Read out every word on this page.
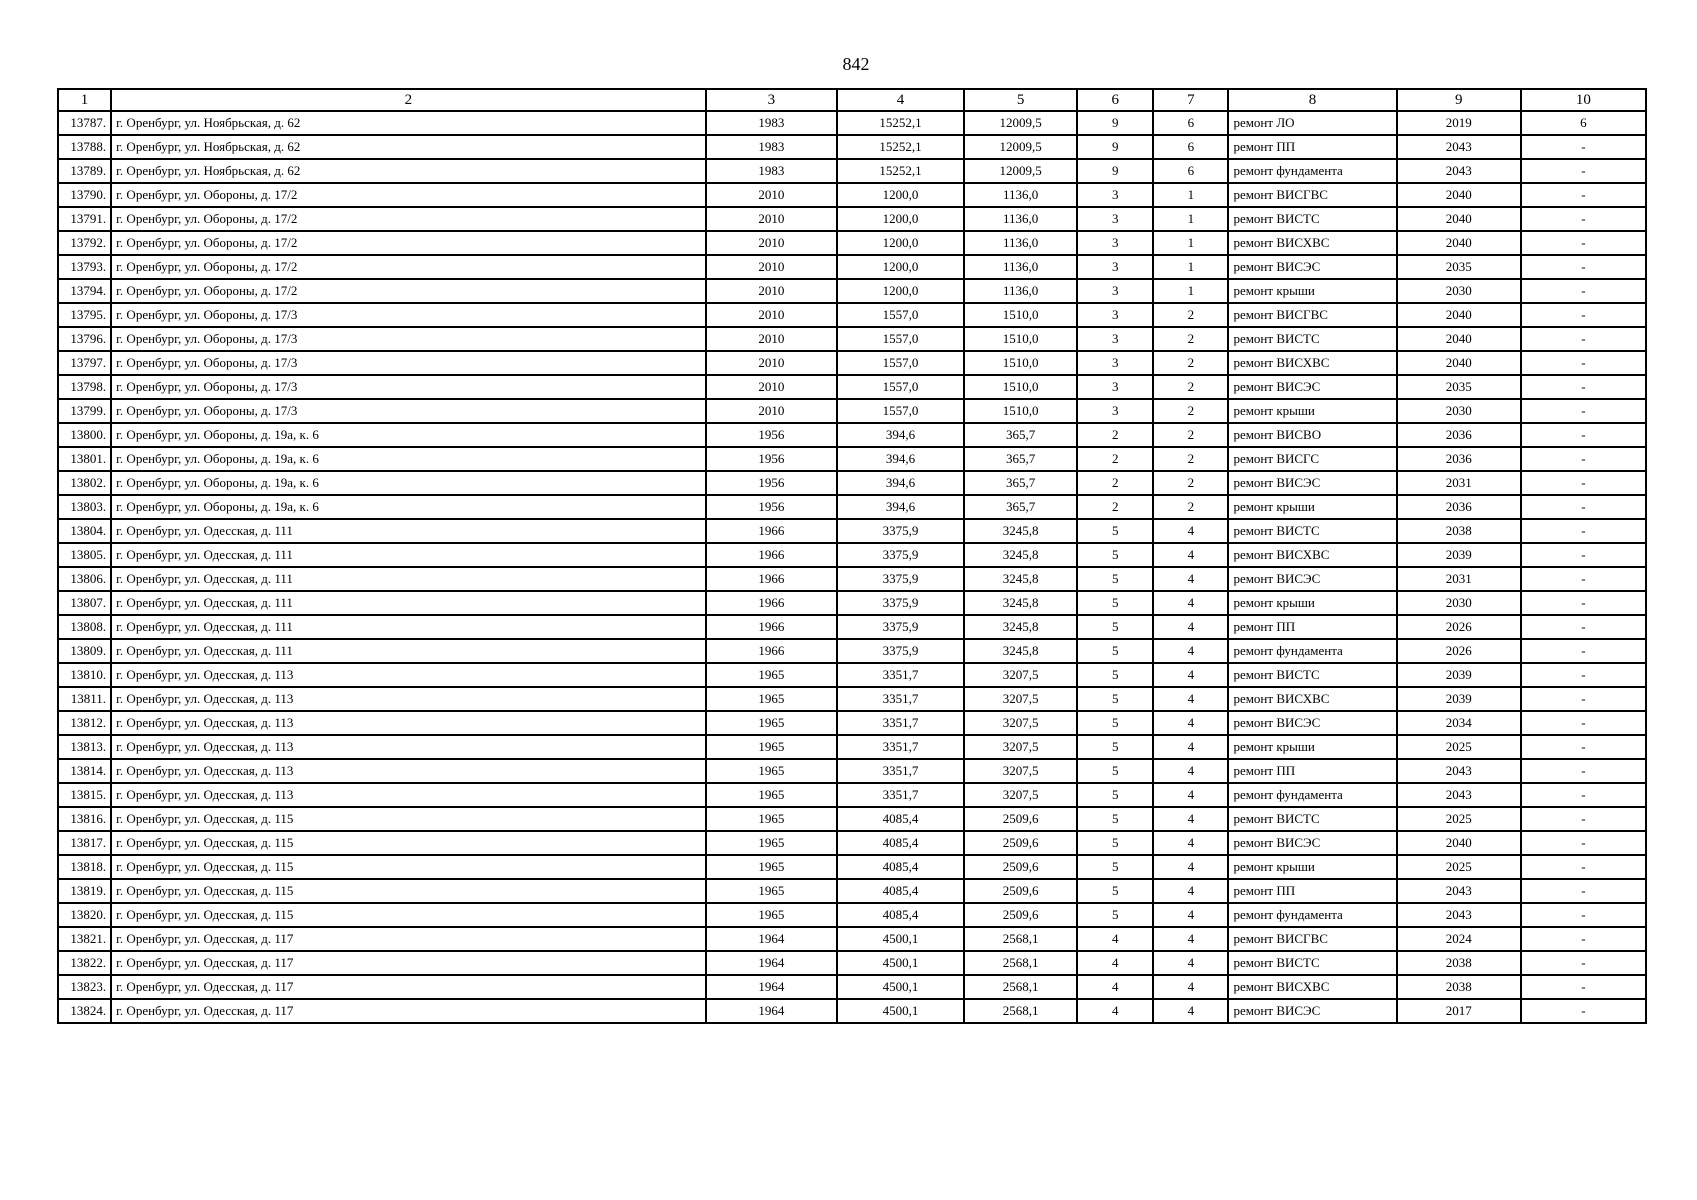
842
1	2	3	4	5	6	7	8	9	10
13787.	г. Оренбург, ул. Ноябрьская, д. 62	1983	15252,1	12009,5	9	6	ремонт ЛО	2019	6
13788.	г. Оренбург, ул. Ноябрьская, д. 62	1983	15252,1	12009,5	9	6	ремонт ПП	2043	-
13789.	г. Оренбург, ул. Ноябрьская, д. 62	1983	15252,1	12009,5	9	6	ремонт фундамента	2043	-
13790.	г. Оренбург, ул. Обороны, д. 17/2	2010	1200,0	1136,0	3	1	ремонт ВИСГВС	2040	-
13791.	г. Оренбург, ул. Обороны, д. 17/2	2010	1200,0	1136,0	3	1	ремонт ВИСТС	2040	-
13792.	г. Оренбург, ул. Обороны, д. 17/2	2010	1200,0	1136,0	3	1	ремонт ВИСХВС	2040	-
13793.	г. Оренбург, ул. Обороны, д. 17/2	2010	1200,0	1136,0	3	1	ремонт ВИСЭС	2035	-
13794.	г. Оренбург, ул. Обороны, д. 17/2	2010	1200,0	1136,0	3	1	ремонт крыши	2030	-
13795.	г. Оренбург, ул. Обороны, д. 17/3	2010	1557,0	1510,0	3	2	ремонт ВИСГВС	2040	-
13796.	г. Оренбург, ул. Обороны, д. 17/3	2010	1557,0	1510,0	3	2	ремонт ВИСТС	2040	-
13797.	г. Оренбург, ул. Обороны, д. 17/3	2010	1557,0	1510,0	3	2	ремонт ВИСХВС	2040	-
13798.	г. Оренбург, ул. Обороны, д. 17/3	2010	1557,0	1510,0	3	2	ремонт ВИСЭС	2035	-
13799.	г. Оренбург, ул. Обороны, д. 17/3	2010	1557,0	1510,0	3	2	ремонт крыши	2030	-
13800.	г. Оренбург, ул. Обороны, д. 19а, к. 6	1956	394,6	365,7	2	2	ремонт ВИСВО	2036	-
13801.	г. Оренбург, ул. Обороны, д. 19а, к. 6	1956	394,6	365,7	2	2	ремонт ВИСГС	2036	-
13802.	г. Оренбург, ул. Обороны, д. 19а, к. 6	1956	394,6	365,7	2	2	ремонт ВИСЭС	2031	-
13803.	г. Оренбург, ул. Обороны, д. 19а, к. 6	1956	394,6	365,7	2	2	ремонт крыши	2036	-
13804.	г. Оренбург, ул. Одесская, д. 111	1966	3375,9	3245,8	5	4	ремонт ВИСТС	2038	-
13805.	г. Оренбург, ул. Одесская, д. 111	1966	3375,9	3245,8	5	4	ремонт ВИСХВС	2039	-
13806.	г. Оренбург, ул. Одесская, д. 111	1966	3375,9	3245,8	5	4	ремонт ВИСЭС	2031	-
13807.	г. Оренбург, ул. Одесская, д. 111	1966	3375,9	3245,8	5	4	ремонт крыши	2030	-
13808.	г. Оренбург, ул. Одесская, д. 111	1966	3375,9	3245,8	5	4	ремонт ПП	2026	-
13809.	г. Оренбург, ул. Одесская, д. 111	1966	3375,9	3245,8	5	4	ремонт фундамента	2026	-
13810.	г. Оренбург, ул. Одесская, д. 113	1965	3351,7	3207,5	5	4	ремонт ВИСТС	2039	-
13811.	г. Оренбург, ул. Одесская, д. 113	1965	3351,7	3207,5	5	4	ремонт ВИСХВС	2039	-
13812.	г. Оренбург, ул. Одесская, д. 113	1965	3351,7	3207,5	5	4	ремонт ВИСЭС	2034	-
13813.	г. Оренбург, ул. Одесская, д. 113	1965	3351,7	3207,5	5	4	ремонт крыши	2025	-
13814.	г. Оренбург, ул. Одесская, д. 113	1965	3351,7	3207,5	5	4	ремонт ПП	2043	-
13815.	г. Оренбург, ул. Одесская, д. 113	1965	3351,7	3207,5	5	4	ремонт фундамента	2043	-
13816.	г. Оренбург, ул. Одесская, д. 115	1965	4085,4	2509,6	5	4	ремонт ВИСТС	2025	-
13817.	г. Оренбург, ул. Одесская, д. 115	1965	4085,4	2509,6	5	4	ремонт ВИСЭС	2040	-
13818.	г. Оренбург, ул. Одесская, д. 115	1965	4085,4	2509,6	5	4	ремонт крыши	2025	-
13819.	г. Оренбург, ул. Одесская, д. 115	1965	4085,4	2509,6	5	4	ремонт ПП	2043	-
13820.	г. Оренбург, ул. Одесская, д. 115	1965	4085,4	2509,6	5	4	ремонт фундамента	2043	-
13821.	г. Оренбург, ул. Одесская, д. 117	1964	4500,1	2568,1	4	4	ремонт ВИСГВС	2024	-
13822.	г. Оренбург, ул. Одесская, д. 117	1964	4500,1	2568,1	4	4	ремонт ВИСТС	2038	-
13823.	г. Оренбург, ул. Одесская, д. 117	1964	4500,1	2568,1	4	4	ремонт ВИСХВС	2038	-
13824.	г. Оренбург, ул. Одесская, д. 117	1964	4500,1	2568,1	4	4	ремонт ВИСЭС	2017	-
